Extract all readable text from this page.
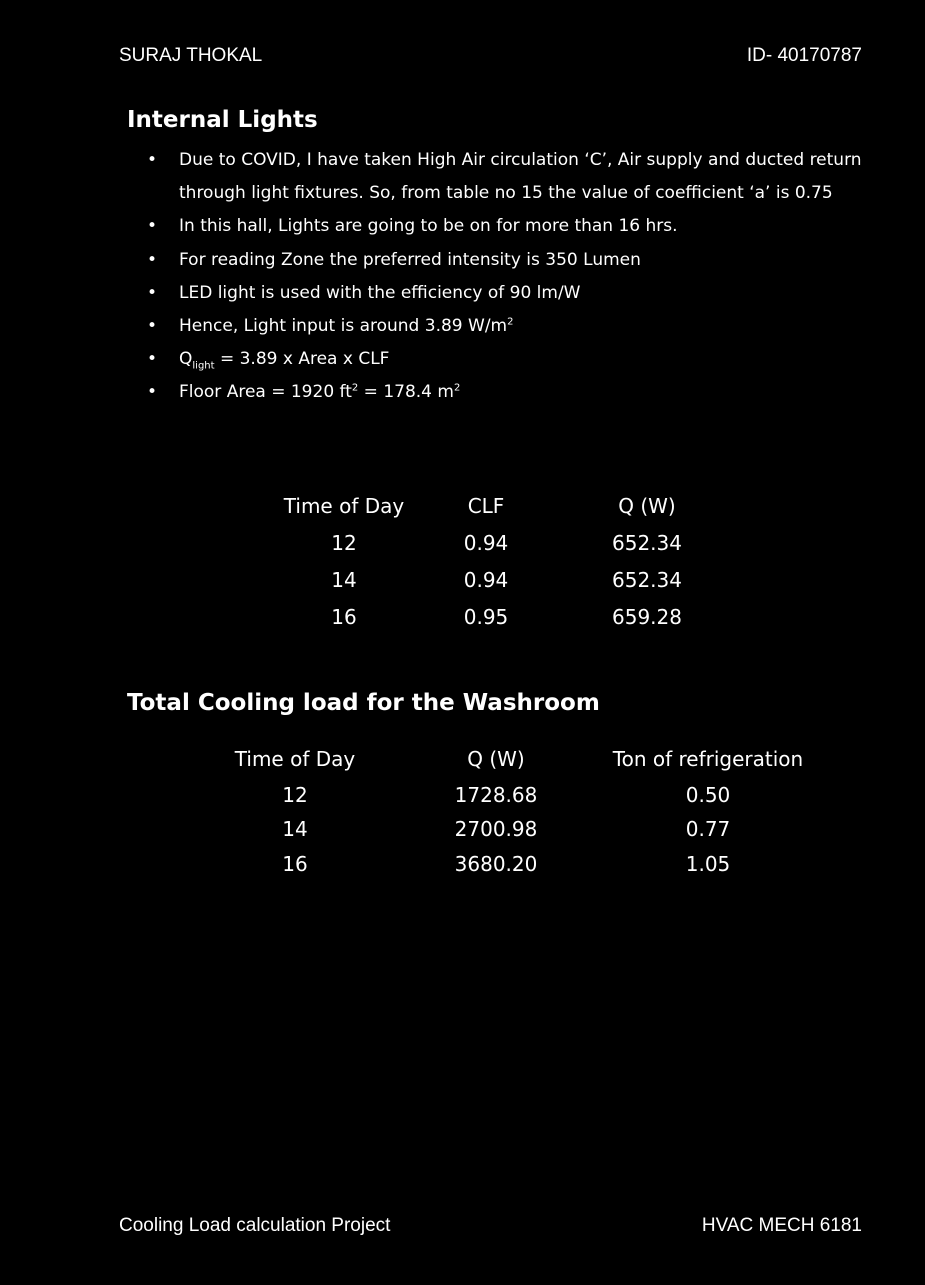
SURAJ THOKAL	ID- 40170787
Internal Lights
• Due to COVID, I have taken High Air circulation ‘C’, Air supply and ducted return through light fixtures. So, from table no 15 the value of coefficient ‘a’ is 0.75
• In this hall, Lights are going to be on for more than 16 hrs.
• For reading Zone the preferred intensity is 350 Lumen
• LED light is used with the efficiency of 90 lm/W
• Hence, Light input is around 3.89 $W/m^2$
• $Q_{light} = 3.89$ x Area x CLF
• Floor Area = 1920 $ft^2 = 178.4$ $m^2$
Time of Day	CLF	Q (W)
12	0.94	652.34
14	0.94	652.34
16	0.95	659.28
Total Cooling load for the Washroom
Time of Day	Q (W)	Ton of refrigeration
12	1728.68	0.50
14	2700.98	0.77
16	3680.20	1.05
Cooling Load calculation Project	HVAC MECH 6181
